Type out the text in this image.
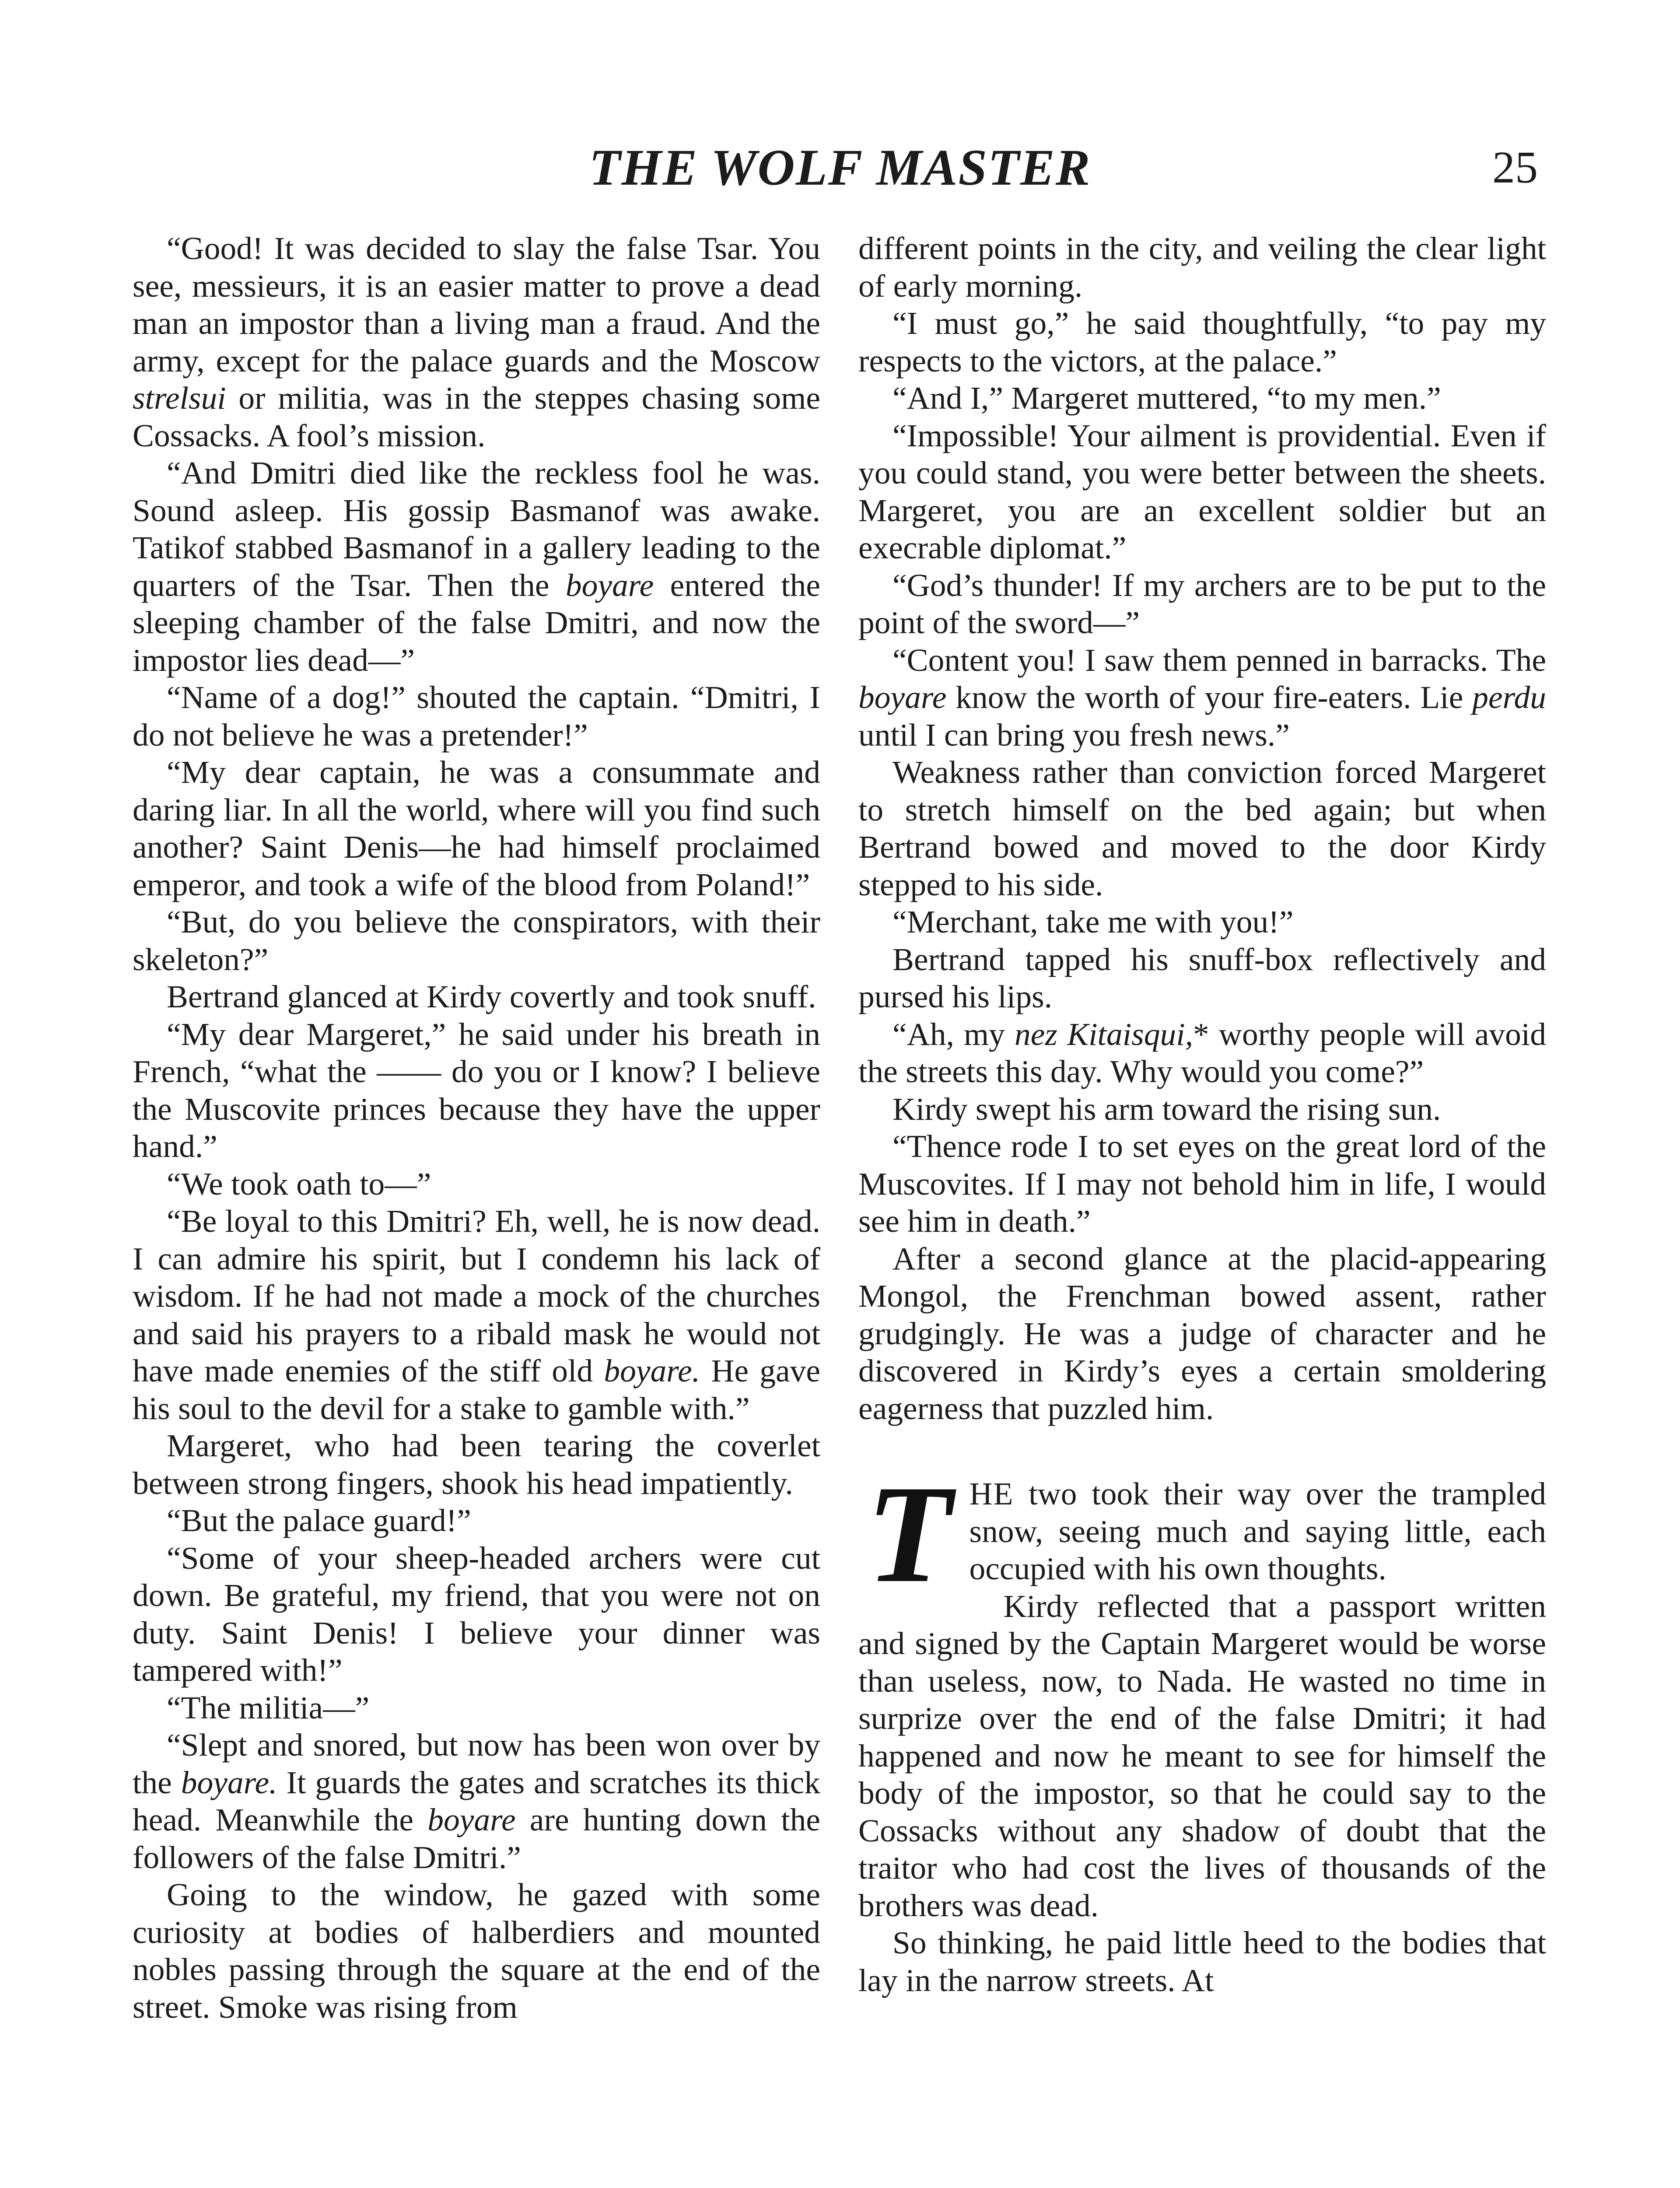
THE WOLF MASTER	25

“Good! It was decided to slay the false Tsar. You see, messieurs, it is an easier matter to prove a dead man an impostor than a living man a fraud. And the army, except for the palace guards and the Moscow strelsui or militia, was in the steppes chasing some Cossacks. A fool’s mission.

“And Dmitri died like the reckless fool he was. Sound asleep. His gossip Basmanof was awake. Tatikof stabbed Basmanof in a gallery leading to the quarters of the Tsar. Then the boyare entered the sleeping chamber of the false Dmitri, and now the impostor lies dead—”

“Name of a dog!” shouted the captain. “Dmitri, I do not believe he was a pretender!”

“My dear captain, he was a consummate and daring liar. In all the world, where will you find such another? Saint Denis—he had himself proclaimed emperor, and took a wife of the blood from Poland!”

“But, do you believe the conspirators, with their skeleton?”

Bertrand glanced at Kirdy covertly and took snuff.

“My dear Margeret,” he said under his breath in French, “what the —— do you or I know? I believe the Muscovite princes because they have the upper hand.”

“We took oath to—”

“Be loyal to this Dmitri? Eh, well, he is now dead. I can admire his spirit, but I condemn his lack of wisdom. If he had not made a mock of the churches and said his prayers to a ribald mask he would not have made enemies of the stiff old boyare. He gave his soul to the devil for a stake to gamble with.”

Margeret, who had been tearing the coverlet between strong fingers, shook his head impatiently.

“But the palace guard!”

“Some of your sheep-headed archers were cut down. Be grateful, my friend, that you were not on duty. Saint Denis! I believe your dinner was tampered with!”

“The militia—”

“Slept and snored, but now has been won over by the boyare. It guards the gates and scratches its thick head. Meanwhile the boyare are hunting down the followers of the false Dmitri.”

Going to the window, he gazed with some curiosity at bodies of halberdiers and mounted nobles passing through the square at the end of the street. Smoke was rising from

different points in the city, and veiling the clear light of early morning.

“I must go,” he said thoughtfully, “to pay my respects to the victors, at the palace.”

“And I,” Margeret muttered, “to my men.”

“Impossible! Your ailment is providential. Even if you could stand, you were better between the sheets. Margeret, you are an excellent soldier but an execrable diplomat.”

“God’s thunder! If my archers are to be put to the point of the sword—”

“Content you! I saw them penned in barracks. The boyare know the worth of your fire-eaters. Lie perdu until I can bring you fresh news.”

Weakness rather than conviction forced Margeret to stretch himself on the bed again; but when Bertrand bowed and moved to the door Kirdy stepped to his side.

“Merchant, take me with you!”

Bertrand tapped his snuff-box reflectively and pursed his lips.

“Ah, my nez Kitaisqui,* worthy people will avoid the streets this day. Why would you come?”

Kirdy swept his arm toward the rising sun.

“Thence rode I to set eyes on the great lord of the Muscovites. If I may not behold him in life, I would see him in death.”

After a second glance at the placid-appearing Mongol, the Frenchman bowed assent, rather grudgingly. He was a judge of character and he discovered in Kirdy’s eyes a certain smoldering eagerness that puzzled him.

THE two took their way over the trampled snow, seeing much and saying little, each occupied with his own thoughts.

Kirdy reflected that a passport written and signed by the Captain Margeret would be worse than useless, now, to Nada. He wasted no time in surprize over the end of the false Dmitri; it had happened and now he meant to see for himself the body of the impostor, so that he could say to the Cossacks without any shadow of doubt that the traitor who had cost the lives of thousands of the brothers was dead.

So thinking, he paid little heed to the bodies that lay in the narrow streets. At
